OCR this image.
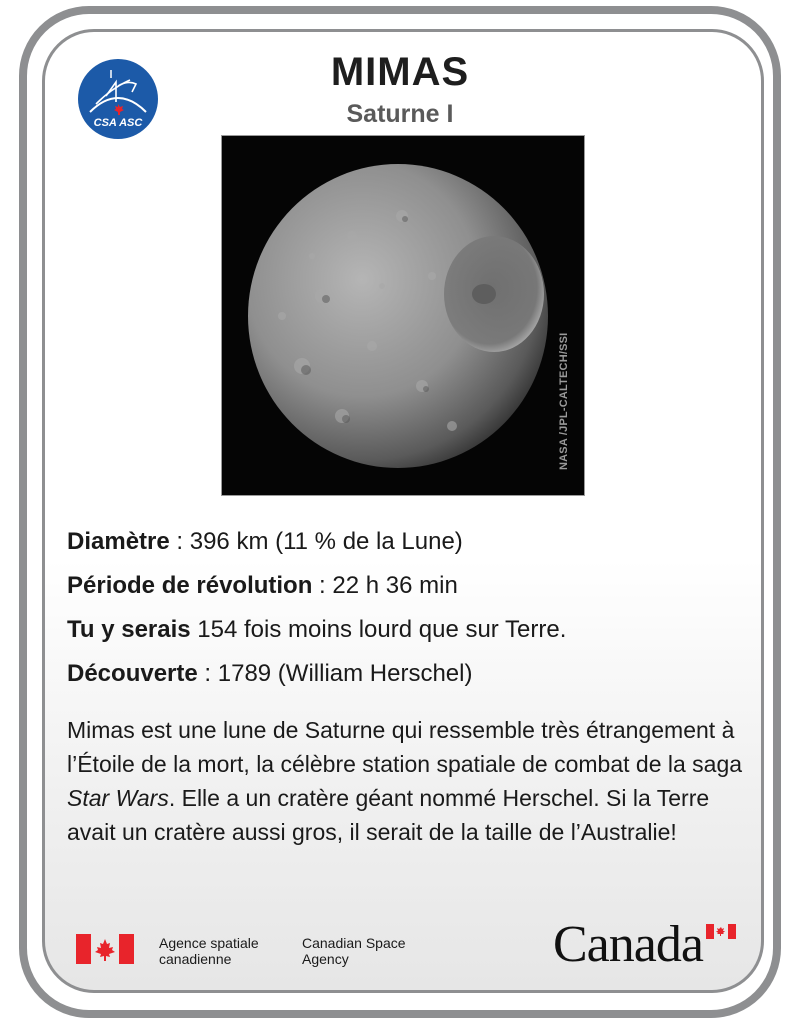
CSA ASC
MIMAS
Saturne I
NASA /JPL-CALTECH/SSI
Diamètre : 396 km (11 % de la Lune)
Période de révolution : 22 h 36 min
Tu y serais 154 fois moins lourd que sur Terre.
Découverte : 1789 (William Herschel)
Mimas est une lune de Saturne qui ressemble très étrangement à l’Étoile de la mort, la célèbre station spatiale de combat de la saga Star Wars. Elle a un cratère géant nommé Herschel. Si la Terre avait un cratère aussi gros, il serait de la taille de l’Australie!
Agence spatiale
canadienne
Canadian Space
Agency	Canada
